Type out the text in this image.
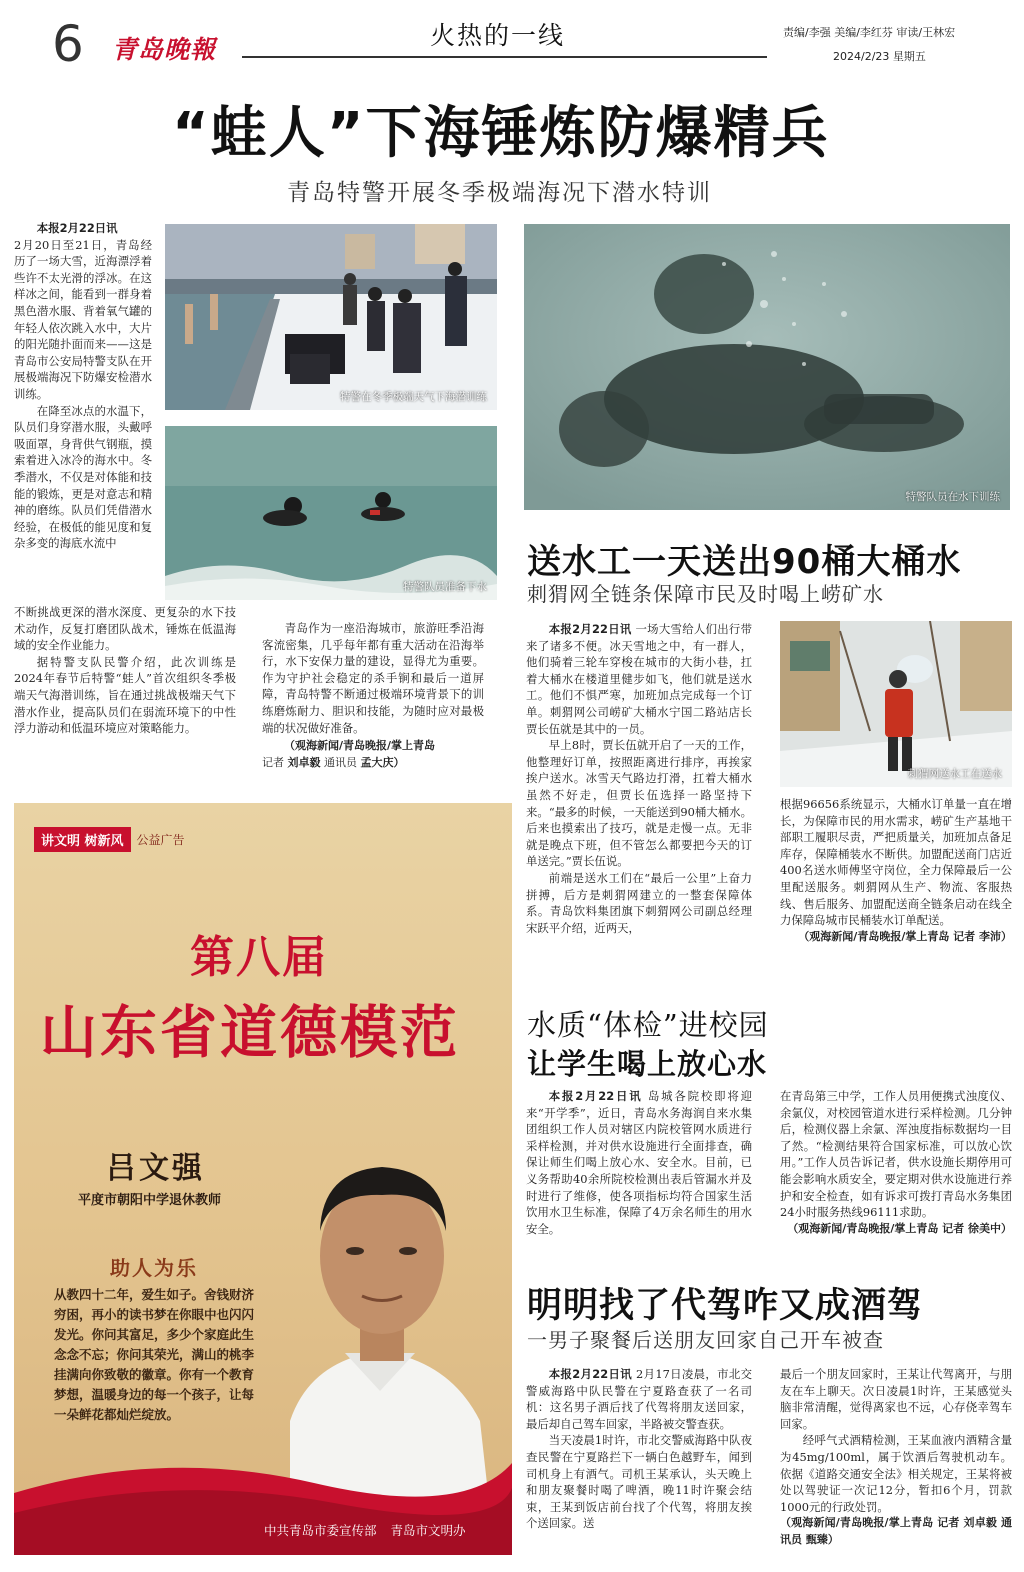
6 青岛晚報	火热的一线	责编/李强 美编/李红芬 审读/王林宏
2024/2/23 星期五
“蛙人”下海锤炼防爆精兵
青岛特警开展冬季极端海况下潜水特训

本报2月22日讯

2月20日至21日，青岛经历了一场大雪，近海漂浮着些许不太光滑的浮冰。在这样冰之间，能看到一群身着黑色潜水服、背着氧气罐的年轻人依次跳入水中，大片的阳光随扑面而来——这是青岛市公安局特警支队在开展极端海况下防爆安检潜水训练。

在降至冰点的水温下，队员们身穿潜水服，头戴呼吸面罩，身背供气钢瓶，摸索着进入冰冷的海水中。冬季潜水，不仅是对体能和技能的锻炼，更是对意志和精神的磨练。队员们凭借潜水经验，在极低的能见度和复杂多变的海底水流中

特警在冬季极端天气下海潜训练
特警队员准备下水

不断挑战更深的潜水深度、更复杂的水下技术动作，反复打磨团队战术，锤炼在低温海域的安全作业能力。

据特警支队民警介绍，此次训练是2024年春节后特警“蛙人”首次组织冬季极端天气海潜训练，旨在通过挑战极端天气下潜水作业，提高队员们在弱流环境下的中性浮力游动和低温环境应对策略能力。

青岛作为一座沿海城市，旅游旺季沿海客流密集，几乎每年都有重大活动在沿海举行，水下安保力量的建设，显得尤为重要。作为守护社会稳定的杀手锏和最后一道屏障，青岛特警不断通过极端环境背景下的训练磨炼耐力、胆识和技能，为随时应对最极端的状况做好准备。

（观海新闻/青岛晚报/掌上青岛
记者 刘卓毅 通讯员 孟大庆）
特警队员在水下训练
送水工一天送出90桶大桶水
刺猬网全链条保障市民及时喝上崂矿水

本报2月22日讯 一场大雪给人们出行带来了诸多不便。冰天雪地之中，有一群人，他们骑着三轮车穿梭在城市的大街小巷，扛着大桶水在楼道里健步如飞，他们就是送水工。他们不惧严寒，加班加点完成每一个订单。刺猬网公司崂矿大桶水宁国二路站店长贾长伍就是其中的一员。

早上8时，贾长伍就开启了一天的工作，他整理好订单，按照距离进行排序，再挨家挨户送水。冰雪天气路边打滑，扛着大桶水虽然不好走，但贾长伍选择一路坚持下来。“最多的时候，一天能送到90桶大桶水。后来也摸索出了技巧，就是走慢一点。无非就是晚点下班，但不管怎么都要把今天的订单送完。”贾长伍说。

前端是送水工们在“最后一公里”上奋力拼搏，后方是刺猬网建立的一整套保障体系。青岛饮料集团旗下刺猬网公司副总经理宋跃平介绍，近两天，

刺猬网送水工在送水

根据96656系统显示，大桶水订单量一直在增长，为保障市民的用水需求，崂矿生产基地干部职工履职尽责，严把质量关，加班加点备足库存，保障桶装水不断供。加盟配送商门店近400名送水师傅坚守岗位，全力保障最后一公里配送服务。刺猬网从生产、物流、客服热线、售后服务、加盟配送商全链条启动在线全力保障岛城市民桶装水订单配送。

（观海新闻/青岛晚报/掌上青岛 记者 李沛）
水质“体检”进校园
让学生喝上放心水

本报2月22日讯 岛城各院校即将迎来“开学季”，近日，青岛水务海润自来水集团组织工作人员对辖区内院校管网水质进行采样检测，并对供水设施进行全面排查，确保让师生们喝上放心水、安全水。目前，已义务帮助40余所院校检测出表后管漏水并及时进行了维修，使各项指标均符合国家生活饮用水卫生标准，保障了4万余名师生的用水安全。

在青岛第三中学，工作人员用便携式浊度仪、余氯仪，对校园管道水进行采样检测。几分钟后，检测仪器上余氯、浑浊度指标数据均一目了然。“检测结果符合国家标准，可以放心饮用。”工作人员告诉记者，供水设施长期停用可能会影响水质安全，要定期对供水设施进行养护和安全检查，如有诉求可拨打青岛水务集团24小时服务热线96111求助。

（观海新闻/青岛晚报/掌上青岛 记者 徐美中）
明明找了代驾咋又成酒驾
一男子聚餐后送朋友回家自己开车被查

本报2月22日讯 2月17日凌晨，市北交警威海路中队民警在宁夏路查获了一名司机：这名男子酒后找了代驾将朋友送回家，最后却自己驾车回家，半路被交警查获。

当天凌晨1时许，市北交警威海路中队夜查民警在宁夏路拦下一辆白色越野车，闻到司机身上有酒气。司机王某承认，头天晚上和朋友聚餐时喝了啤酒，晚11时许聚会结束，王某到饭店前台找了个代驾，将朋友挨个送回家。送

最后一个朋友回家时，王某让代驾离开，与朋友在车上聊天。次日凌晨1时许，王某感觉头脑非常清醒，觉得离家也不远，心存侥幸驾车回家。

经呼气式酒精检测，王某血液内酒精含量为45mg/100ml，属于饮酒后驾驶机动车。依据《道路交通安全法》相关规定，王某将被处以驾驶证一次记12分，暂扣6个月，罚款1000元的行政处罚。

（观海新闻/青岛晚报/掌上青岛 记者 刘卓毅 通讯员 甄臻）
讲文明 树新风	公益广告
第八届
山东省道德模范
吕文强
平度市朝阳中学退休教师
助人为乐
从教四十二年，爱生如子。舍钱财济穷困，再小的读书梦在你眼中也闪闪发光。你问其富足，多少个家庭此生念念不忘；你问其荣光，满山的桃李挂满向你致敬的徽章。你有一个教育梦想，温暖身边的每一个孩子，让每一朵鲜花都灿烂绽放。
中共青岛市委宣传部 青岛市文明办
